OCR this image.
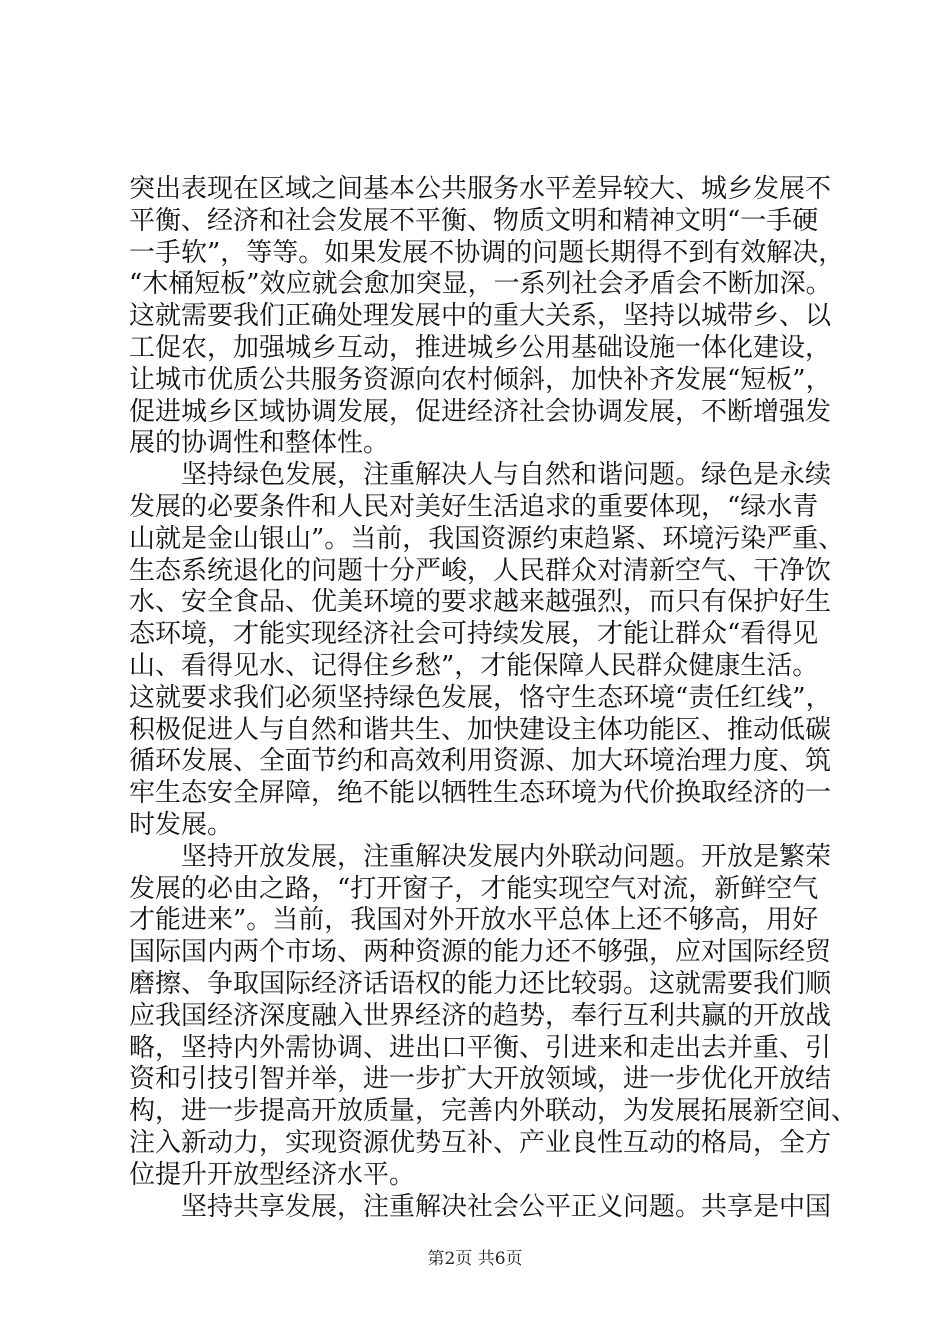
突出表现在区域之间基本公共服务水平差异较大、城乡发展不
平衡、经济和社会发展不平衡、物质文明和精神文明“一手硬
一手软”，等等。如果发展不协调的问题长期得不到有效解决，
“木桶短板”效应就会愈加突显，一系列社会矛盾会不断加深。
这就需要我们正确处理发展中的重大关系，坚持以城带乡、以
工促农，加强城乡互动，推进城乡公用基础设施一体化建设，
让城市优质公共服务资源向农村倾斜，加快补齐发展“短板”，
促进城乡区域协调发展，促进经济社会协调发展，不断增强发
展的协调性和整体性。
坚持绿色发展，注重解决人与自然和谐问题。绿色是永续
发展的必要条件和人民对美好生活追求的重要体现，“绿水青
山就是金山银山”。当前，我国资源约束趋紧、环境污染严重、
生态系统退化的问题十分严峻，人民群众对清新空气、干净饮
水、安全食品、优美环境的要求越来越强烈，而只有保护好生
态环境，才能实现经济社会可持续发展，才能让群众“看得见
山、看得见水、记得住乡愁”，才能保障人民群众健康生活。
这就要求我们必须坚持绿色发展，恪守生态环境“责任红线”，
积极促进人与自然和谐共生、加快建设主体功能区、推动低碳
循环发展、全面节约和高效利用资源、加大环境治理力度、筑
牢生态安全屏障，绝不能以牺牲生态环境为代价换取经济的一
时发展。
坚持开放发展，注重解决发展内外联动问题。开放是繁荣
发展的必由之路，“打开窗子，才能实现空气对流，新鲜空气
才能进来”。当前，我国对外开放水平总体上还不够高，用好
国际国内两个市场、两种资源的能力还不够强，应对国际经贸
磨擦、争取国际经济话语权的能力还比较弱。这就需要我们顺
应我国经济深度融入世界经济的趋势，奉行互利共赢的开放战
略，坚持内外需协调、进出口平衡、引进来和走出去并重、引
资和引技引智并举，进一步扩大开放领域，进一步优化开放结
构，进一步提高开放质量，完善内外联动，为发展拓展新空间、
注入新动力，实现资源优势互补、产业良性互动的格局，全方
位提升开放型经济水平。
坚持共享发展，注重解决社会公平正义问题。共享是中国
第2页 共6页
